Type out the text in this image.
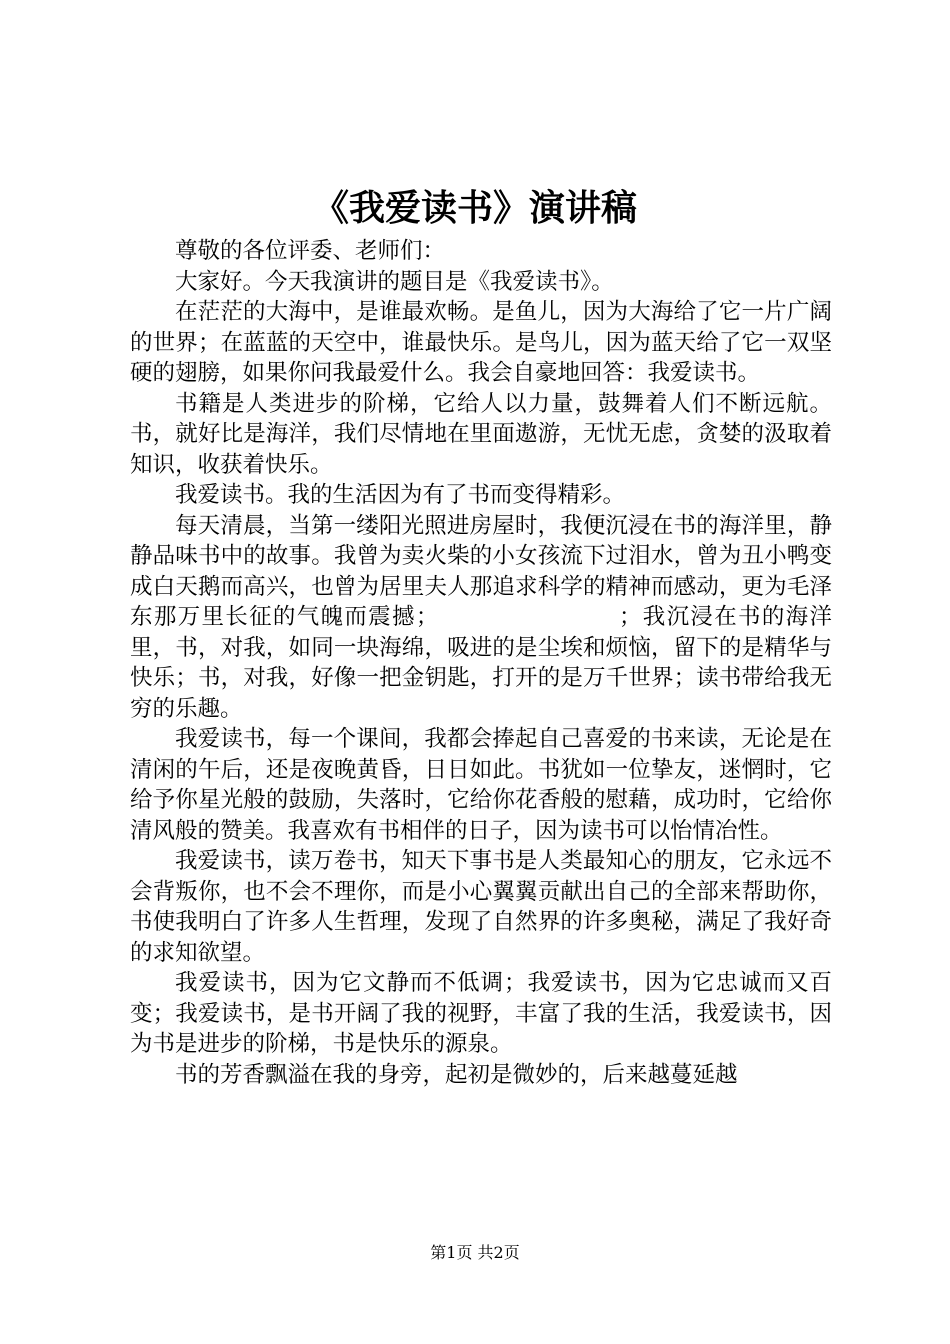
《我爱读书》演讲稿

尊敬的各位评委、老师们：

大家好。今天我演讲的题目是《我爱读书》。

在茫茫的大海中，是谁最欢畅。是鱼儿，因为大海给了它一片广阔的世界；在蓝蓝的天空中，谁最快乐。是鸟儿，因为蓝天给了它一双坚硬的翅膀，如果你问我最爱什么。我会自豪地回答：我爱读书。

书籍是人类进步的阶梯，它给人以力量，鼓舞着人们不断远航。书，就好比是海洋，我们尽情地在里面遨游，无忧无虑，贪婪的汲取着知识，收获着快乐。

我爱读书。我的生活因为有了书而变得精彩。

每天清晨，当第一缕阳光照进房屋时，我便沉浸在书的海洋里，静静品味书中的故事。我曾为卖火柴的小女孩流下过泪水，曾为丑小鸭变成白天鹅而高兴，也曾为居里夫人那追求科学的精神而感动，更为毛泽东那万里长征的气魄而震撼；　　　　　　　　；我沉浸在书的海洋里，书，对我，如同一块海绵，吸进的是尘埃和烦恼，留下的是精华与快乐；书，对我，好像一把金钥匙，打开的是万千世界；读书带给我无穷的乐趣。

我爱读书，每一个课间，我都会捧起自己喜爱的书来读，无论是在清闲的午后，还是夜晚黄昏，日日如此。书犹如一位挚友，迷惘时，它给予你星光般的鼓励，失落时，它给你花香般的慰藉，成功时，它给你清风般的赞美。我喜欢有书相伴的日子，因为读书可以怡情冶性。

我爱读书，读万卷书，知天下事书是人类最知心的朋友，它永远不会背叛你，也不会不理你，而是小心翼翼贡献出自己的全部来帮助你，书使我明白了许多人生哲理，发现了自然界的许多奥秘，满足了我好奇的求知欲望。

我爱读书，因为它文静而不低调；我爱读书，因为它忠诚而又百变；我爱读书，是书开阔了我的视野，丰富了我的生活，我爱读书，因为书是进步的阶梯，书是快乐的源泉。

书的芳香飘溢在我的身旁，起初是微妙的，后来越蔓延越

第1页 共2页
